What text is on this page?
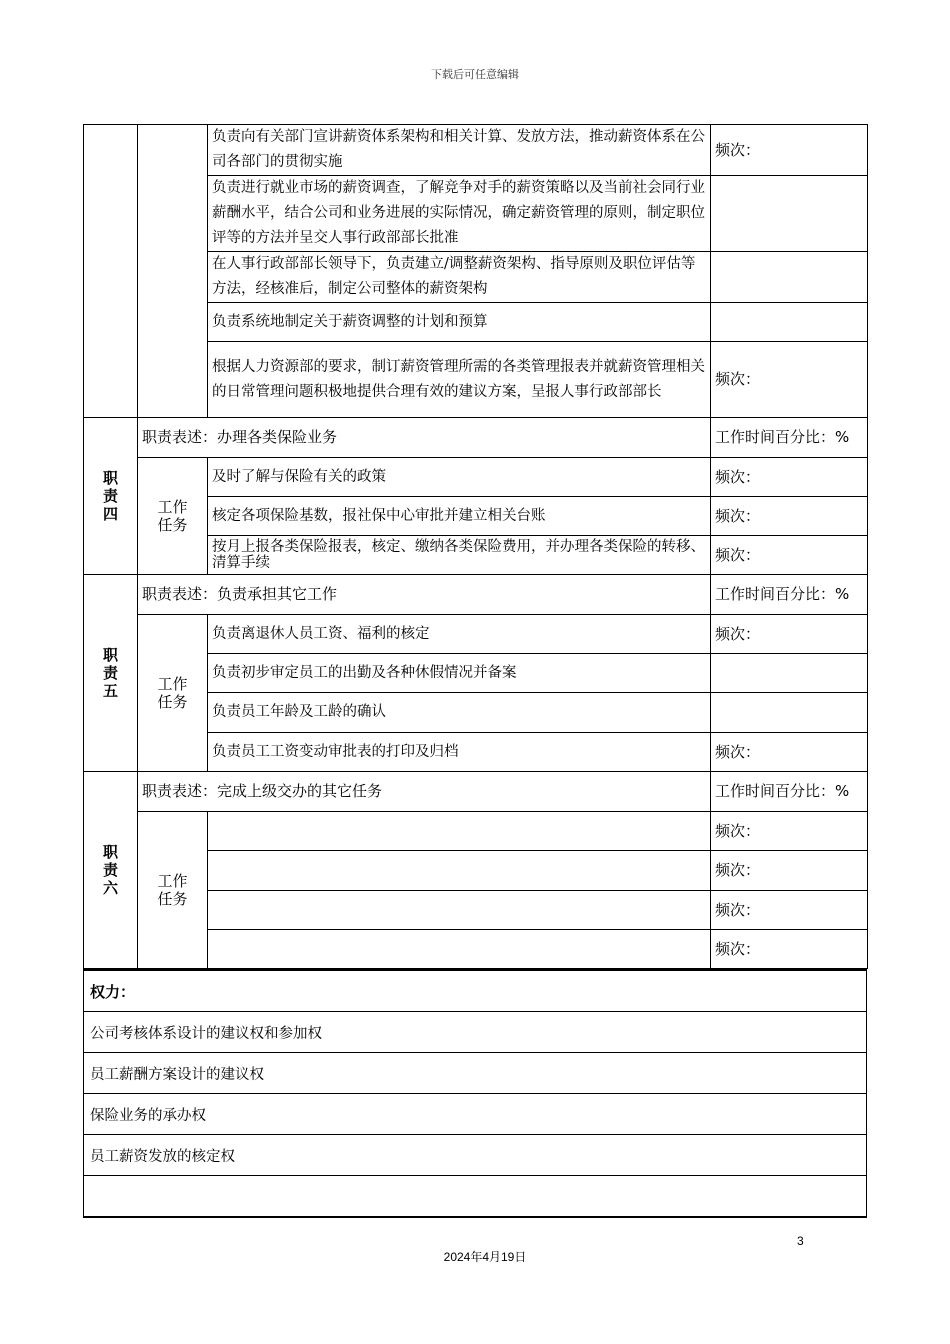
下载后可任意编辑
		负责向有关部门宣讲薪资体系架构和相关计算、发放方法，推动薪资体系在公司各部门的贯彻实施	频次：
		负责进行就业市场的薪资调查，了解竞争对手的薪资策略以及当前社会同行业薪酬水平，结合公司和业务进展的实际情况，确定薪资管理的原则，制定职位评等的方法并呈交人事行政部部长批准	
		在人事行政部部长领导下，负责建立/调整薪资架构、指导原则及职位评估等方法，经核准后，制定公司整体的薪资架构	
		负责系统地制定关于薪资调整的计划和预算	
		根据人力资源部的要求，制订薪资管理所需的各类管理报表并就薪资管理相关的日常管理问题积极地提供合理有效的建议方案，呈报人事行政部部长	频次：
职责四	职责表述：办理各类保险业务		工作时间百分比：%
	工作任务	及时了解与保险有关的政策	频次：
		核定各项保险基数，报社保中心审批并建立相关台账	频次：
		按月上报各类保险报表，核定、缴纳各类保险费用，并办理各类保险的转移、清算手续	频次：
职责五	职责表述：负责承担其它工作		工作时间百分比：%
	工作任务	负责离退休人员工资、福利的核定	频次：
		负责初步审定员工的出勤及各种休假情况并备案	
		负责员工年龄及工龄的确认	
		负责员工工资变动审批表的打印及归档	频次：
职责六	职责表述：完成上级交办的其它任务		工作时间百分比：%
	工作任务		频次：
			频次：
			频次：
			频次：
权力：
公司考核体系设计的建议权和参加权
员工薪酬方案设计的建议权
保险业务的承办权
员工薪资发放的核定权

3
2024年4月19日
